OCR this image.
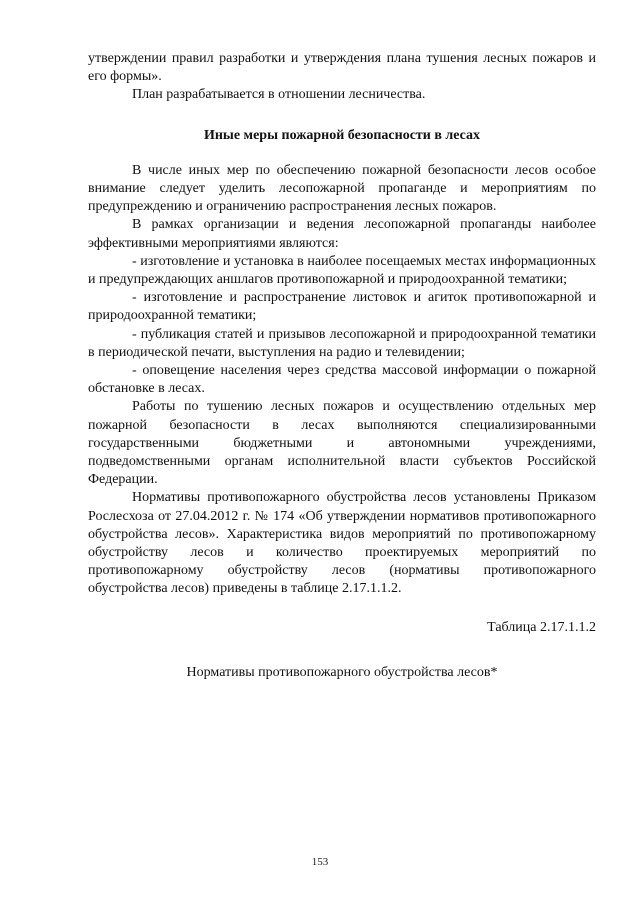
утверждении правил разработки и утверждения плана тушения лесных пожаров и его формы».

План разрабатывается в отношении лесничества.

Иные меры пожарной безопасности в лесах

В числе иных мер по обеспечению пожарной безопасности лесов особое внимание следует уделить лесопожарной пропаганде и мероприятиям по предупреждению и ограничению распространения лесных пожаров.

В рамках организации и ведения лесопожарной пропаганды наиболее эффективными мероприятиями являются:

- изготовление и установка в наиболее посещаемых местах информационных и предупреждающих аншлагов противопожарной и природоохранной тематики;

- изготовление и распространение листовок и агиток противопожарной и природоохранной тематики;

- публикация статей и призывов лесопожарной и природоохранной тематики в периодической печати, выступления на радио и телевидении;

- оповещение населения через средства массовой информации о пожарной обстановке в лесах.

Работы по тушению лесных пожаров и осуществлению отдельных мер пожарной безопасности в лесах выполняются специализированными государственными бюджетными и автономными учреждениями, подведомственными органам исполнительной власти субъектов Российской Федерации.

Нормативы противопожарного обустройства лесов установлены Приказом Рослесхоза от 27.04.2012 г. № 174 «Об утверждении нормативов противопожарного обустройства лесов». Характеристика видов мероприятий по противопожарному обустройству лесов и количество проектируемых мероприятий по противопожарному обустройству лесов (нормативы противопожарного обустройства лесов) приведены в таблице 2.17.1.1.2.

Таблица 2.17.1.1.2

Нормативы противопожарного обустройства лесов*

153
